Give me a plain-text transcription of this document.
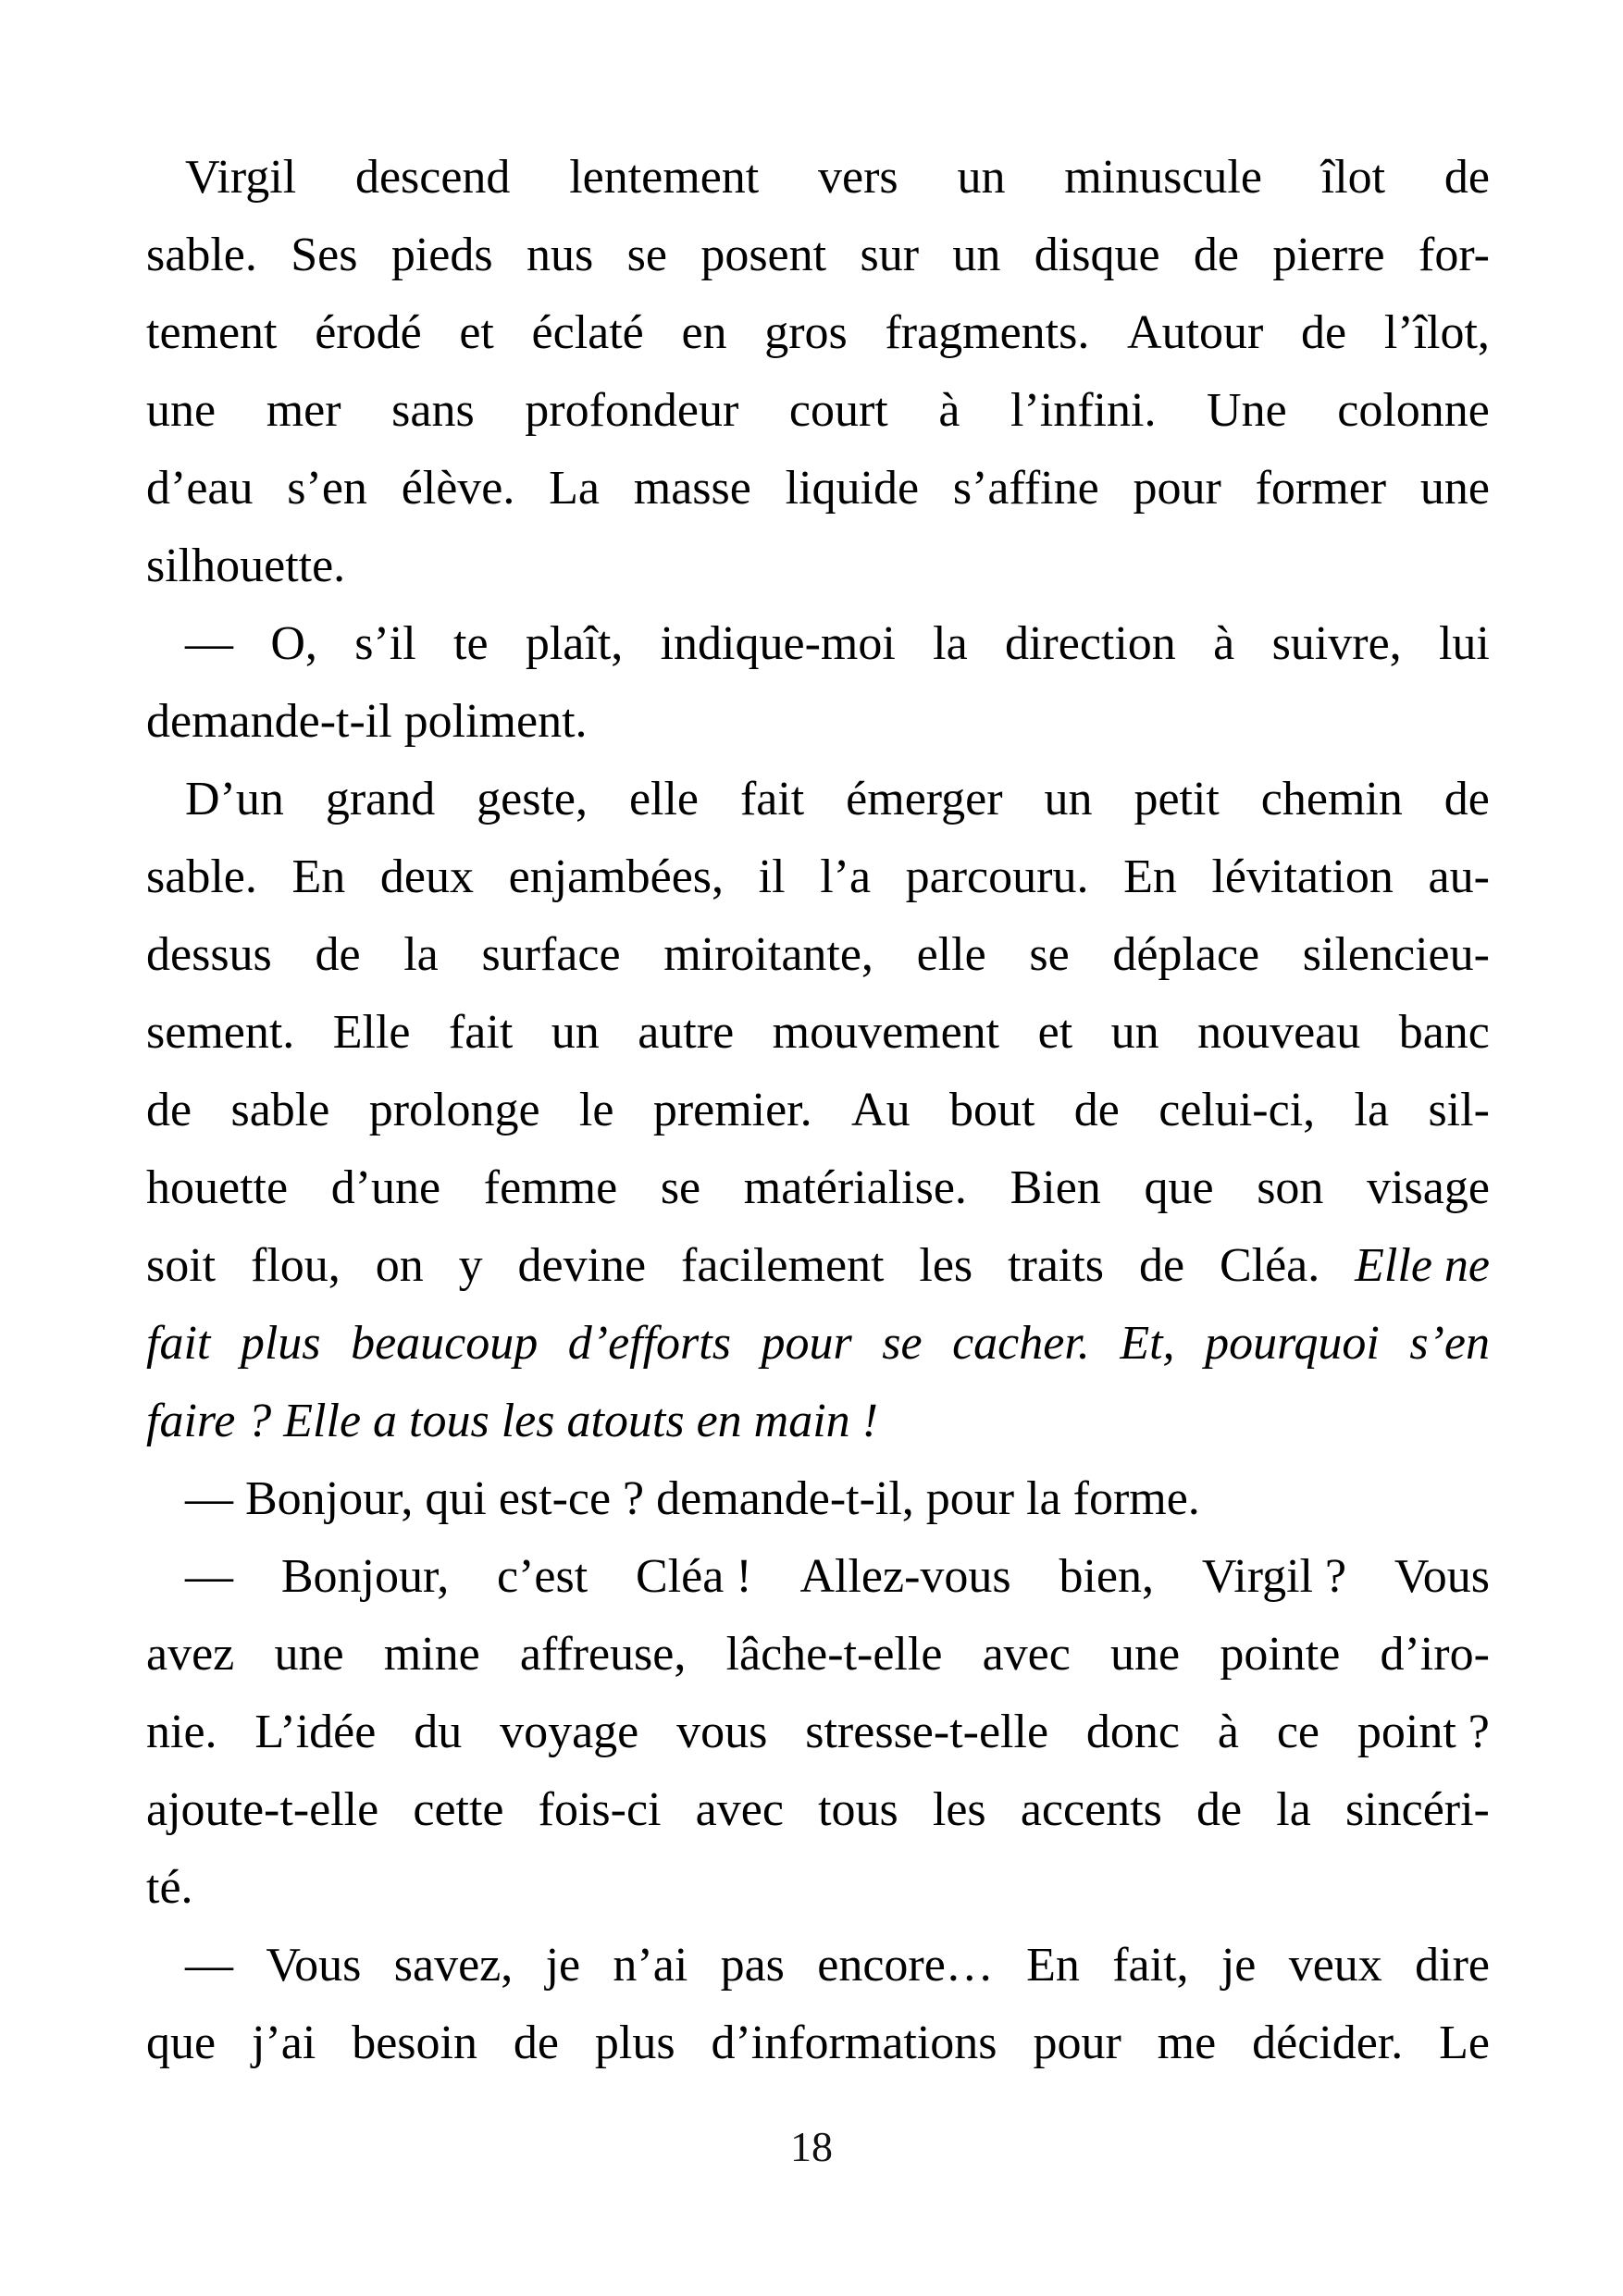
Virgil descend lentement vers un minuscule îlot de
sable. Ses pieds nus se posent sur un disque de pierre for-
tement érodé et éclaté en gros fragments. Autour de l’îlot,
une mer sans profondeur court à l’infini. Une colonne
d’eau s’en élève. La masse liquide s’affine pour former une
silhouette.
— O, s’il te plaît, indique-moi la direction à suivre, lui
demande-t-il poliment.
D’un grand geste, elle fait émerger un petit chemin de
sable. En deux enjambées, il l’a parcouru. En lévitation au-
dessus de la surface miroitante, elle se déplace silencieu-
sement. Elle fait un autre mouvement et un nouveau banc
de sable prolonge le premier. Au bout de celui-ci, la sil-
houette d’une femme se matérialise. Bien que son visage
soit flou, on y devine facilement les traits de Cléa. Elle ne
fait plus beaucoup d’efforts pour se cacher. Et, pourquoi s’en
faire ? Elle a tous les atouts en main !
— Bonjour, qui est-ce ? demande-t-il, pour la forme.
— Bonjour, c’est Cléa ! Allez-vous bien, Virgil ? Vous
avez une mine affreuse, lâche-t-elle avec une pointe d’iro-
nie. L’idée du voyage vous stresse-t-elle donc à ce point ?
ajoute-t-elle cette fois-ci avec tous les accents de la sincéri-
té.
— Vous savez, je n’ai pas encore… En fait, je veux dire
que j’ai besoin de plus d’informations pour me décider. Le
18
